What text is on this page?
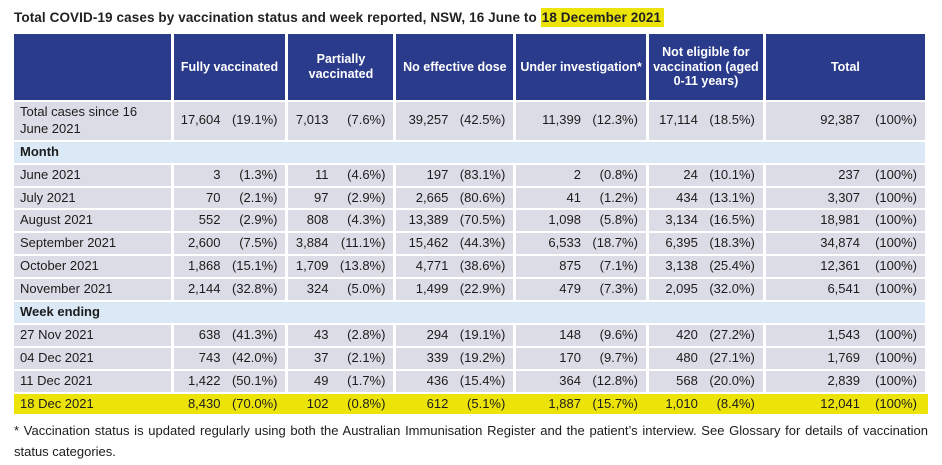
Total COVID-19 cases by vaccination status and week reported, NSW, 16 June to 18 December 2021
	Fully vaccinated	Partially vaccinated	No effective dose	Under investigation*	Not eligible for vaccination (aged 0-11 years)	Total
Total cases since 16 June 2021	17,604 (19.1%)	7,013 (7.6%)	39,257 (42.5%)	11,399 (12.3%)	17,114 (18.5%)	92,387 (100%)

Month						
June 2021	3 (1.3%)	11 (4.6%)	197 (83.1%)	2 (0.8%)	24 (10.1%)	237 (100%)

July 2021	70 (2.1%)	97 (2.9%)	2,665 (80.6%)	41 (1.2%)	434 (13.1%)	3,307 (100%)

August 2021	552 (2.9%)	808 (4.3%)	13,389 (70.5%)	1,098 (5.8%)	3,134 (16.5%)	18,981 (100%)

September 2021	2,600 (7.5%)	3,884 (11.1%)	15,462 (44.3%)	6,533 (18.7%)	6,395 (18.3%)	34,874 (100%)

October 2021	1,868 (15.1%)	1,709 (13.8%)	4,771 (38.6%)	875 (7.1%)	3,138 (25.4%)	12,361 (100%)

November 2021	2,144 (32.8%)	324 (5.0%)	1,499 (22.9%)	479 (7.3%)	2,095 (32.0%)	6,541 (100%)

Week ending						
27 Nov 2021	638 (41.3%)	43 (2.8%)	294 (19.1%)	148 (9.6%)	420 (27.2%)	1,543 (100%)

04 Dec 2021	743 (42.0%)	37 (2.1%)	339 (19.2%)	170 (9.7%)	480 (27.1%)	1,769 (100%)

11 Dec 2021	1,422 (50.1%)	49 (1.7%)	436 (15.4%)	364 (12.8%)	568 (20.0%)	2,839 (100%)

18 Dec 2021	8,430 (70.0%)	102 (0.8%)	612 (5.1%)	1,887 (15.7%)	1,010 (8.4%)	12,041 (100%)
* Vaccination status is updated regularly using both the Australian Immunisation Register and the patient’s interview. See Glossary for details of vaccination status categories.
